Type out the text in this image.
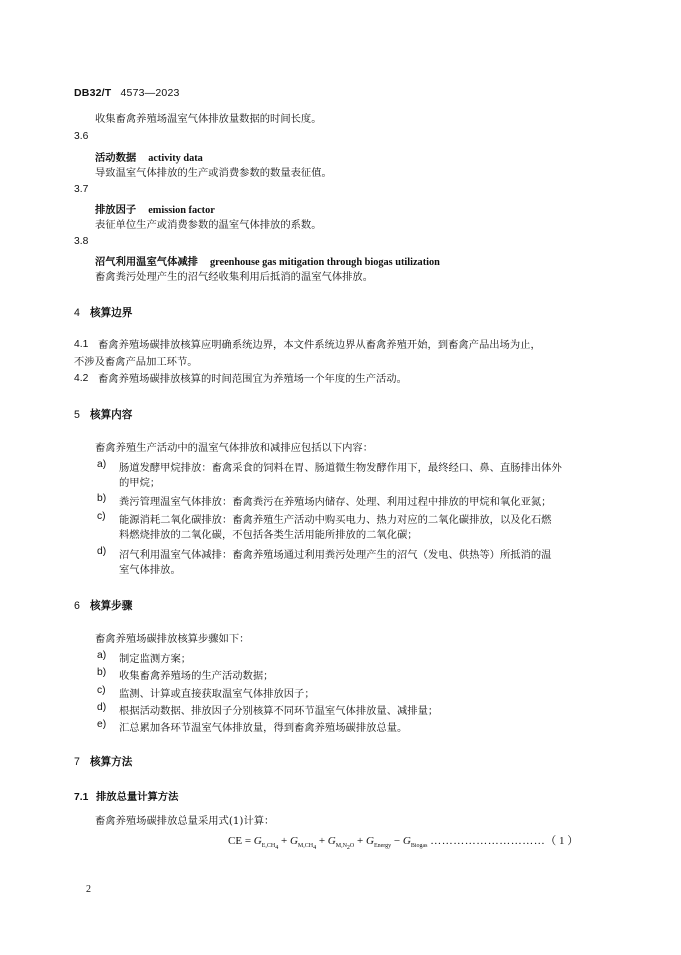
DB32/T 4573—2023
收集畜禽养殖场温室气体排放量数据的时间长度。
3.6
活动数据 activity data
导致温室气体排放的生产或消费参数的数量表征值。
3.7
排放因子 emission factor
表征单位生产或消费参数的温室气体排放的系数。
3.8
沼气利用温室气体减排 greenhouse gas mitigation through biogas utilization
畜禽粪污处理产生的沼气经收集利用后抵消的温室气体排放。
4 核算边界
4.1 畜禽养殖场碳排放核算应明确系统边界，本文件系统边界从畜禽养殖开始，到畜禽产品出场为止，
不涉及畜禽产品加工环节。
4.2 畜禽养殖场碳排放核算的时间范围宜为养殖场一个年度的生产活动。
5 核算内容
畜禽养殖生产活动中的温室气体排放和减排应包括以下内容：
a) 肠道发酵甲烷排放：畜禽采食的饲料在胃、肠道微生物发酵作用下，最终经口、鼻、直肠排出体外
的甲烷；
b) 粪污管理温室气体排放：畜禽粪污在养殖场内储存、处理、利用过程中排放的甲烷和氧化亚氮；
c) 能源消耗二氧化碳排放：畜禽养殖生产活动中购买电力、热力对应的二氧化碳排放，以及化石燃
料燃烧排放的二氧化碳，不包括各类生活用能所排放的二氧化碳；
d) 沼气利用温室气体减排：畜禽养殖场通过利用粪污处理产生的沼气（发电、供热等）所抵消的温
室气体排放。
6 核算步骤
畜禽养殖场碳排放核算步骤如下：
a) 制定监测方案；
b) 收集畜禽养殖场的生产活动数据；
c) 监测、计算或直接获取温室气体排放因子；
d) 根据活动数据、排放因子分别核算不同环节温室气体排放量、减排量；
e) 汇总累加各环节温室气体排放量，得到畜禽养殖场碳排放总量。
7 核算方法
7.1 排放总量计算方法
畜禽养殖场碳排放总量采用式(1)计算：
CE = $G_{E,CH_4} + G_{M,CH_4} + G_{M,N_2O} + G_{Energy} - G_{Biogas}$ …………………………（ 1 ）
2
